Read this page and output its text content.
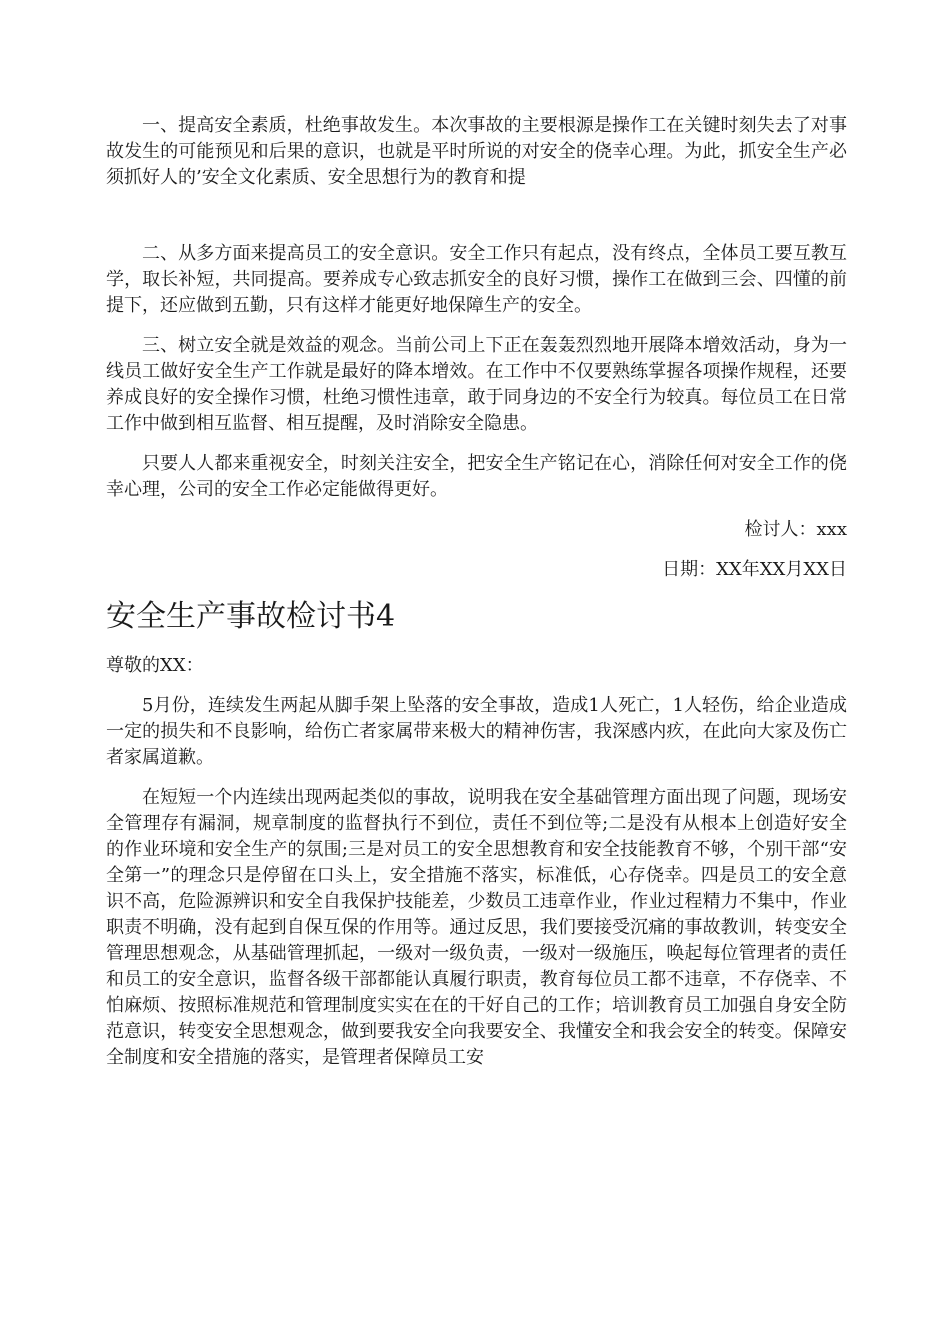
一、提高安全素质，杜绝事故发生。本次事故的主要根源是操作工在关键时刻失去了对事故发生的可能预见和后果的意识，也就是平时所说的对安全的侥幸心理。为此，抓安全生产必须抓好人的’安全文化素质、安全思想行为的教育和提

二、从多方面来提高员工的安全意识。安全工作只有起点，没有终点，全体员工要互教互学，取长补短，共同提高。要养成专心致志抓安全的良好习惯，操作工在做到三会、四懂的前提下，还应做到五勤，只有这样才能更好地保障生产的安全。

三、树立安全就是效益的观念。当前公司上下正在轰轰烈烈地开展降本增效活动，身为一线员工做好安全生产工作就是最好的降本增效。在工作中不仅要熟练掌握各项操作规程，还要养成良好的安全操作习惯，杜绝习惯性违章，敢于同身边的不安全行为较真。每位员工在日常工作中做到相互监督、相互提醒，及时消除安全隐患。

只要人人都来重视安全，时刻关注安全，把安全生产铭记在心，消除任何对安全工作的侥幸心理，公司的安全工作必定能做得更好。

检讨人：xxx

日期：XX年XX月XX日

安全生产事故检讨书4

尊敬的XX：

5月份，连续发生两起从脚手架上坠落的安全事故，造成1人死亡，1人轻伤，给企业造成一定的损失和不良影响，给伤亡者家属带来极大的精神伤害，我深感内疚，在此向大家及伤亡者家属道歉。

在短短一个内连续出现两起类似的事故，说明我在安全基础管理方面出现了问题，现场安全管理存有漏洞，规章制度的监督执行不到位，责任不到位等;二是没有从根本上创造好安全的作业环境和安全生产的氛围;三是对员工的安全思想教育和安全技能教育不够，个别干部“安全第一”的理念只是停留在口头上，安全措施不落实，标准低，心存侥幸。四是员工的安全意识不高，危险源辨识和安全自我保护技能差，少数员工违章作业，作业过程精力不集中，作业职责不明确，没有起到自保互保的作用等。通过反思，我们要接受沉痛的事故教训，转变安全管理思想观念，从基础管理抓起，一级对一级负责，一级对一级施压，唤起每位管理者的责任和员工的安全意识，监督各级干部都能认真履行职责，教育每位员工都不违章，不存侥幸、不怕麻烦、按照标准规范和管理制度实实在在的干好自己的工作；培训教育员工加强自身安全防范意识，转变安全思想观念，做到要我安全向我要安全、我懂安全和我会安全的转变。保障安全制度和安全措施的落实，是管理者保障员工安
